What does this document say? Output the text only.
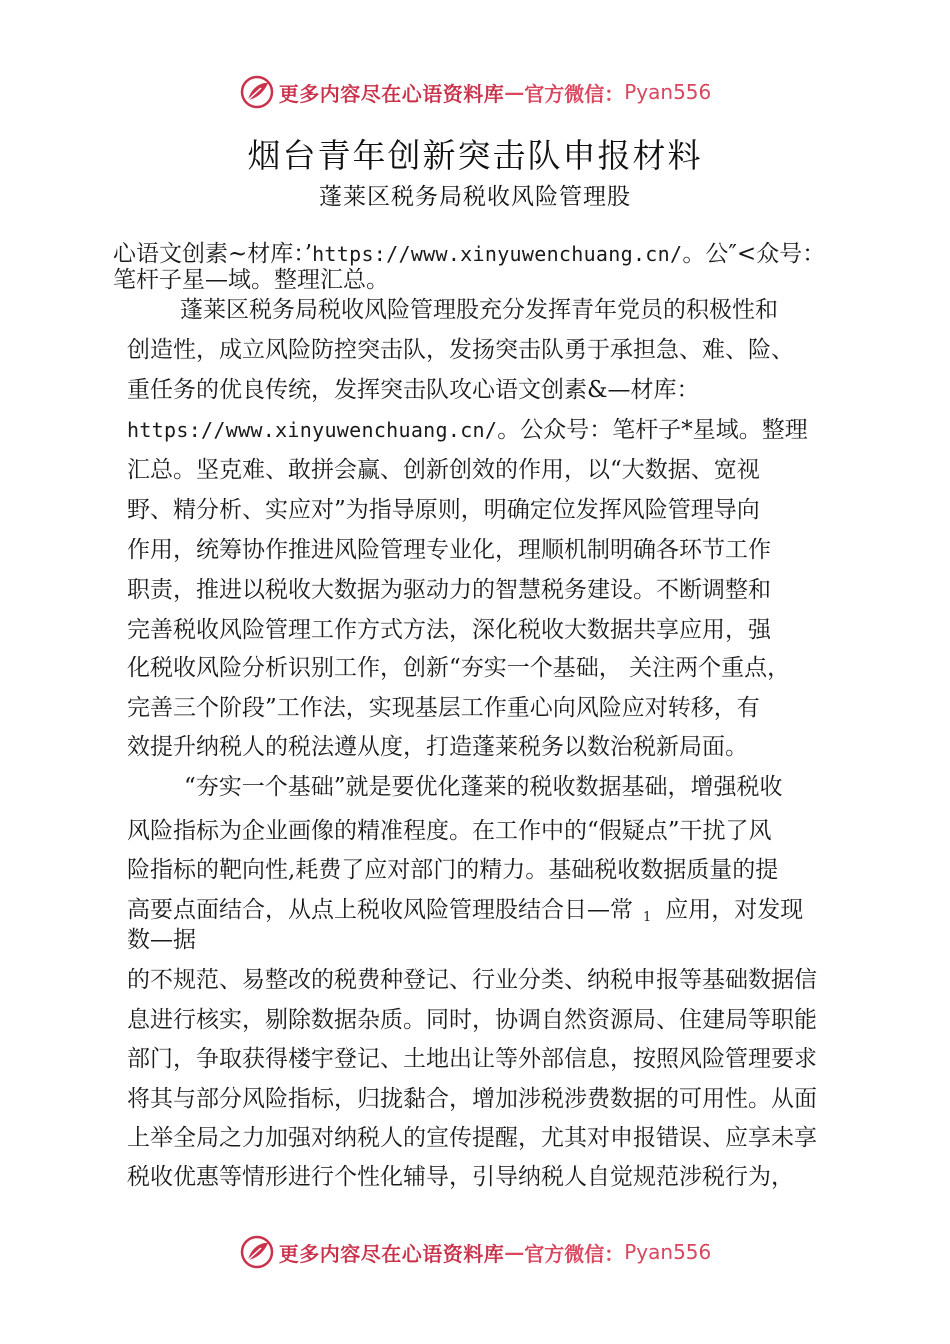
更多内容尽在心语资料库 — 官方微信： Pyan556
烟台青年创新突击队申报材料
蓬莱区税务局税收风险管理股
心语文创素~材库：’https://www.xinyuwenchuang.cn/。公″<众号：
笔杆子星—域。整理汇总。
蓬莱区税务局税收风险管理股充分发挥青年党员的积极性和
创造性，成立风险防控突击队，发扬突击队勇于承担急、难、险、
重任务的优良传统，发挥突击队攻心语文创素&—材库：
https://www.xinyuwenchuang.cn/。公众号：笔杆子*星域。整理
汇总。坚克难、敢拼会赢、创新创效的作用，以“大数据、宽视
野、精分析、实应对”为指导原则，明确定位发挥风险管理导向
作用，统筹协作推进风险管理专业化，理顺机制明确各环节工作
职责，推进以税收大数据为驱动力的智慧税务建设。不断调整和
完善税收风险管理工作方式方法，深化税收大数据共享应用，强
化税收风险分析识别工作，创新“夯实一个基础， 关注两个重点，
完善三个阶段”工作法，实现基层工作重心向风险应对转移，有
效提升纳税人的税法遵从度，打造蓬莱税务以数治税新局面。
“夯实一个基础”就是要优化蓬莱的税收数据基础，增强税收
风险指标为企业画像的精准程度。在工作中的“假疑点”干扰了风
险指标的靶向性,耗费了应对部门的精力。基础税收数据质量的提
高要点面结合，从点上税收风险管理股结合日—常 1 应用，对发现
数—据
的不规范、易整改的税费种登记、行业分类、纳税申报等基础数据信
息进行核实，剔除数据杂质。同时，协调自然资源局、住建局等职能
部门，争取获得楼宇登记、土地出让等外部信息，按照风险管理要求
将其与部分风险指标，归拢黏合，增加涉税涉费数据的可用性。从面
上举全局之力加强对纳税人的宣传提醒，尤其对申报错误、应享未享
税收优惠等情形进行个性化辅导，引导纳税人自觉规范涉税行为，
更多内容尽在心语资料库 — 官方微信： Pyan556
